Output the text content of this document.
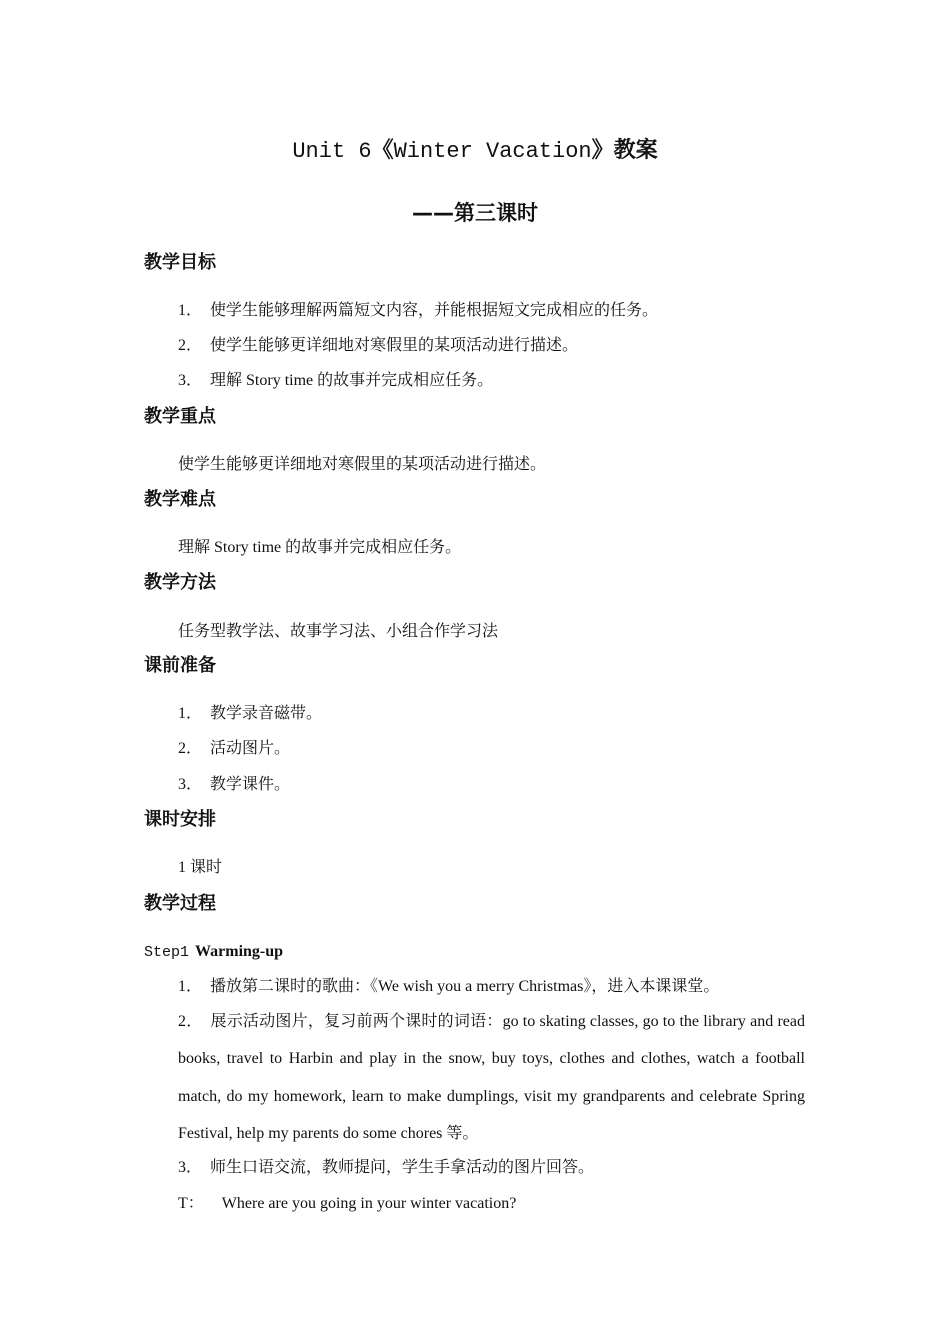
Unit 6《Winter Vacation》教案
——第三课时
教学目标
1． 使学生能够理解两篇短文内容，并能根据短文完成相应的任务。
2． 使学生能够更详细地对寒假里的某项活动进行描述。
3． 理解 Story time 的故事并完成相应任务。
教学重点
使学生能够更详细地对寒假里的某项活动进行描述。
教学难点
理解 Story time 的故事并完成相应任务。
教学方法
任务型教学法、故事学习法、小组合作学习法
课前准备
1． 教学录音磁带。
2． 活动图片。
3． 教学课件。
课时安排
1 课时
教学过程
Step1 Warming-up
1． 播放第二课时的歌曲：《We wish you a merry Christmas》，进入本课课堂。
2． 展示活动图片，复习前两个课时的词语：go to skating classes, go to the library and read books, travel to Harbin and play in the snow, buy toys, clothes and clothes, watch a football match, do my homework, learn to make dumplings, visit my grandparents and celebrate Spring Festival, help my parents do some chores 等。
3． 师生口语交流，教师提问，学生手拿活动的图片回答。
T： Where are you going in your winter vacation?
